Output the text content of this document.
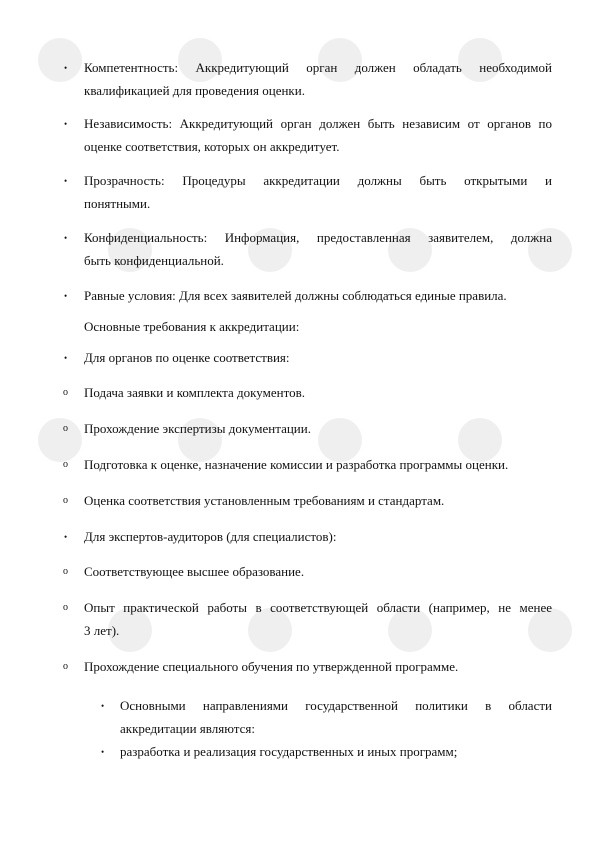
• Компетентность: Аккредитующий орган должен обладать необходимой
квалификацией для проведения оценки.
• Независимость: Аккредитующий орган должен быть независим от органов по
оценке соответствия, которых он аккредитует.
• Прозрачность: Процедуры аккредитации должны быть открытыми и
понятными.
• Конфиденциальность: Информация, предоставленная заявителем, должна
быть конфиденциальной.
• Равные условия: Для всех заявителей должны соблюдаться единые правила.
Основные требования к аккредитации:
• Для органов по оценке соответствия:
o Подача заявки и комплекта документов.
o Прохождение экспертизы документации.
o Подготовка к оценке, назначение комиссии и разработка программы оценки.
o Оценка соответствия установленным требованиям и стандартам.
• Для экспертов-аудиторов (для специалистов):
o Соответствующее высшее образование.
o Опыт практической работы в соответствующей области (например, не менее
3 лет).
o Прохождение специального обучения по утвержденной программе.
• Основными направлениями государственной политики в области
аккредитации являются:
• разработка и реализация государственных и иных программ;
